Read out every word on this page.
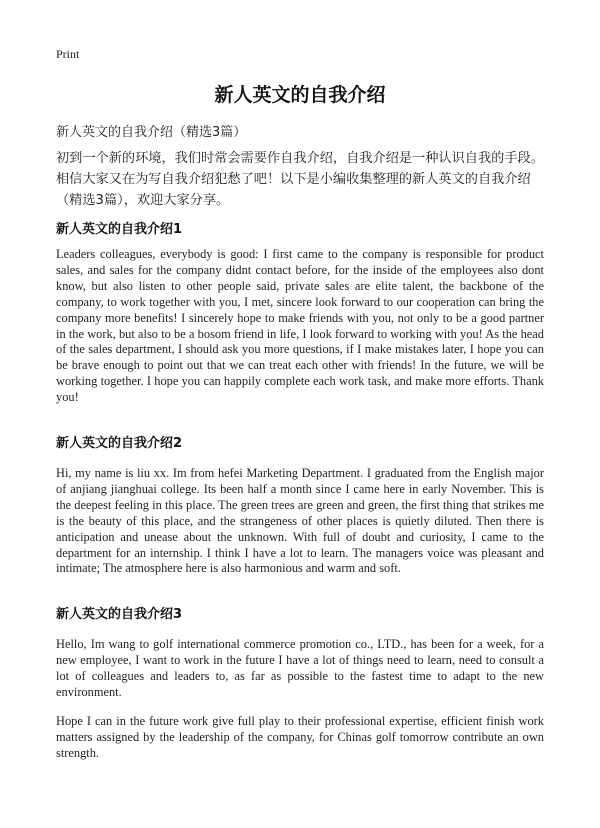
Print
新人英文的自我介绍
新人英文的自我介绍（精选3篇）

初到一个新的环境，我们时常会需要作自我介绍，自我介绍是一种认识自我的手段。相信大家又在为写自我介绍犯愁了吧！以下是小编收集整理的新人英文的自我介绍（精选3篇），欢迎大家分享。

新人英文的自我介绍1

Leaders colleagues, everybody is good: I first came to the company is responsible for product sales, and sales for the company didnt contact before, for the inside of the employees also dont know, but also listen to other people said, private sales are elite talent, the backbone of the company, to work together with you, I met, sincere look forward to our cooperation can bring the company more benefits! I sincerely hope to make friends with you, not only to be a good partner in the work, but also to be a bosom friend in life, I look forward to working with you! As the head of the sales department, I should ask you more questions, if I make mistakes later, I hope you can be brave enough to point out that we can treat each other with friends! In the future, we will be working together. I hope you can happily complete each work task, and make more efforts. Thank you!

新人英文的自我介绍2

Hi, my name is liu xx. Im from hefei Marketing Department. I graduated from the English major of anjiang jianghuai college. Its been half a month since I came here in early November. This is the deepest feeling in this place. The green trees are green and green, the first thing that strikes me is the beauty of this place, and the strangeness of other places is quietly diluted. Then there is anticipation and unease about the unknown. With full of doubt and curiosity, I came to the department for an internship. I think I have a lot to learn. The managers voice was pleasant and intimate; The atmosphere here is also harmonious and warm and soft.

新人英文的自我介绍3

Hello, Im wang to golf international commerce promotion co., LTD., has been for a week, for a new employee, I want to work in the future I have a lot of things need to learn, need to consult a lot of colleagues and leaders to, as far as possible to the fastest time to adapt to the new environment.

Hope I can in the future work give full play to their professional expertise, efficient finish work matters assigned by the leadership of the company, for Chinas golf tomorrow contribute an own strength.
